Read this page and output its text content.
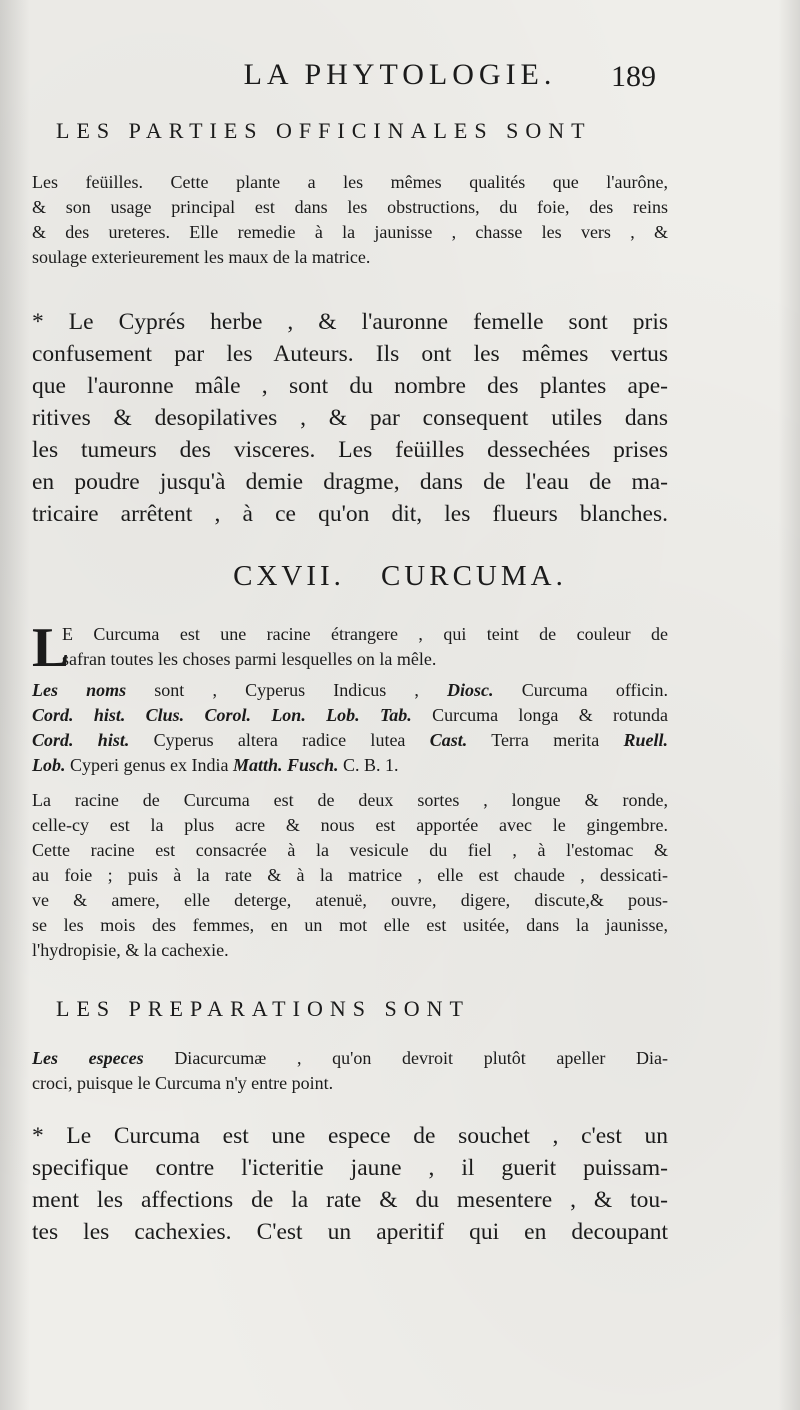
LA PHYTOLOGIE.	189
LES PARTIES OFFICINALES SONT
Les feüilles. Cette plante a les mêmes qualités que l'aurône,
& son usage principal est dans les obstructions, du foie, des reins
& des ureteres. Elle remedie à la jaunisse , chasse les vers , &
soulage exterieurement les maux de la matrice.
* Le Cyprés herbe , & l'auronne femelle sont pris
confusement par les Auteurs. Ils ont les mêmes vertus
que l'auronne mâle , sont du nombre des plantes ape-
ritives & desopilatives , & par consequent utiles dans
les tumeurs des visceres. Les feüilles dessechées prises
en poudre jusqu'à demie dragme, dans de l'eau de ma-
tricaire arrêtent , à ce qu'on dit, les flueurs blanches.
CXVII. CURCUMA.
L
E Curcuma est une racine étrangere , qui teint de couleur de
safran toutes les choses parmi lesquelles on la mêle.
Les noms sont , Cyperus Indicus , Diosc. Curcuma officin.
Cord. hist. Clus. Corol. Lon. Lob. Tab. Curcuma longa & rotunda
Cord. hist. Cyperus altera radice lutea Cast. Terra merita Ruell.
Lob. Cyperi genus ex India Matth. Fusch. C. B. 1.
La racine de Curcuma est de deux sortes , longue & ronde,
celle-cy est la plus acre & nous est apportée avec le gingembre.
Cette racine est consacrée à la vesicule du fiel , à l'estomac &
au foie ; puis à la rate & à la matrice , elle est chaude , dessicati-
ve & amere, elle deterge, atenuë, ouvre, digere, discute,& pous-
se les mois des femmes, en un mot elle est usitée, dans la jaunisse,
l'hydropisie, & la cachexie.
LES PREPARATIONS SONT
Les especes Diacurcumæ , qu'on devroit plutôt apeller Dia-
croci, puisque le Curcuma n'y entre point.
* Le Curcuma est une espece de souchet , c'est un
specifique contre l'icteritie jaune , il guerit puissam-
ment les affections de la rate & du mesentere , & tou-
tes les cachexies. C'est un aperitif qui en decoupant
